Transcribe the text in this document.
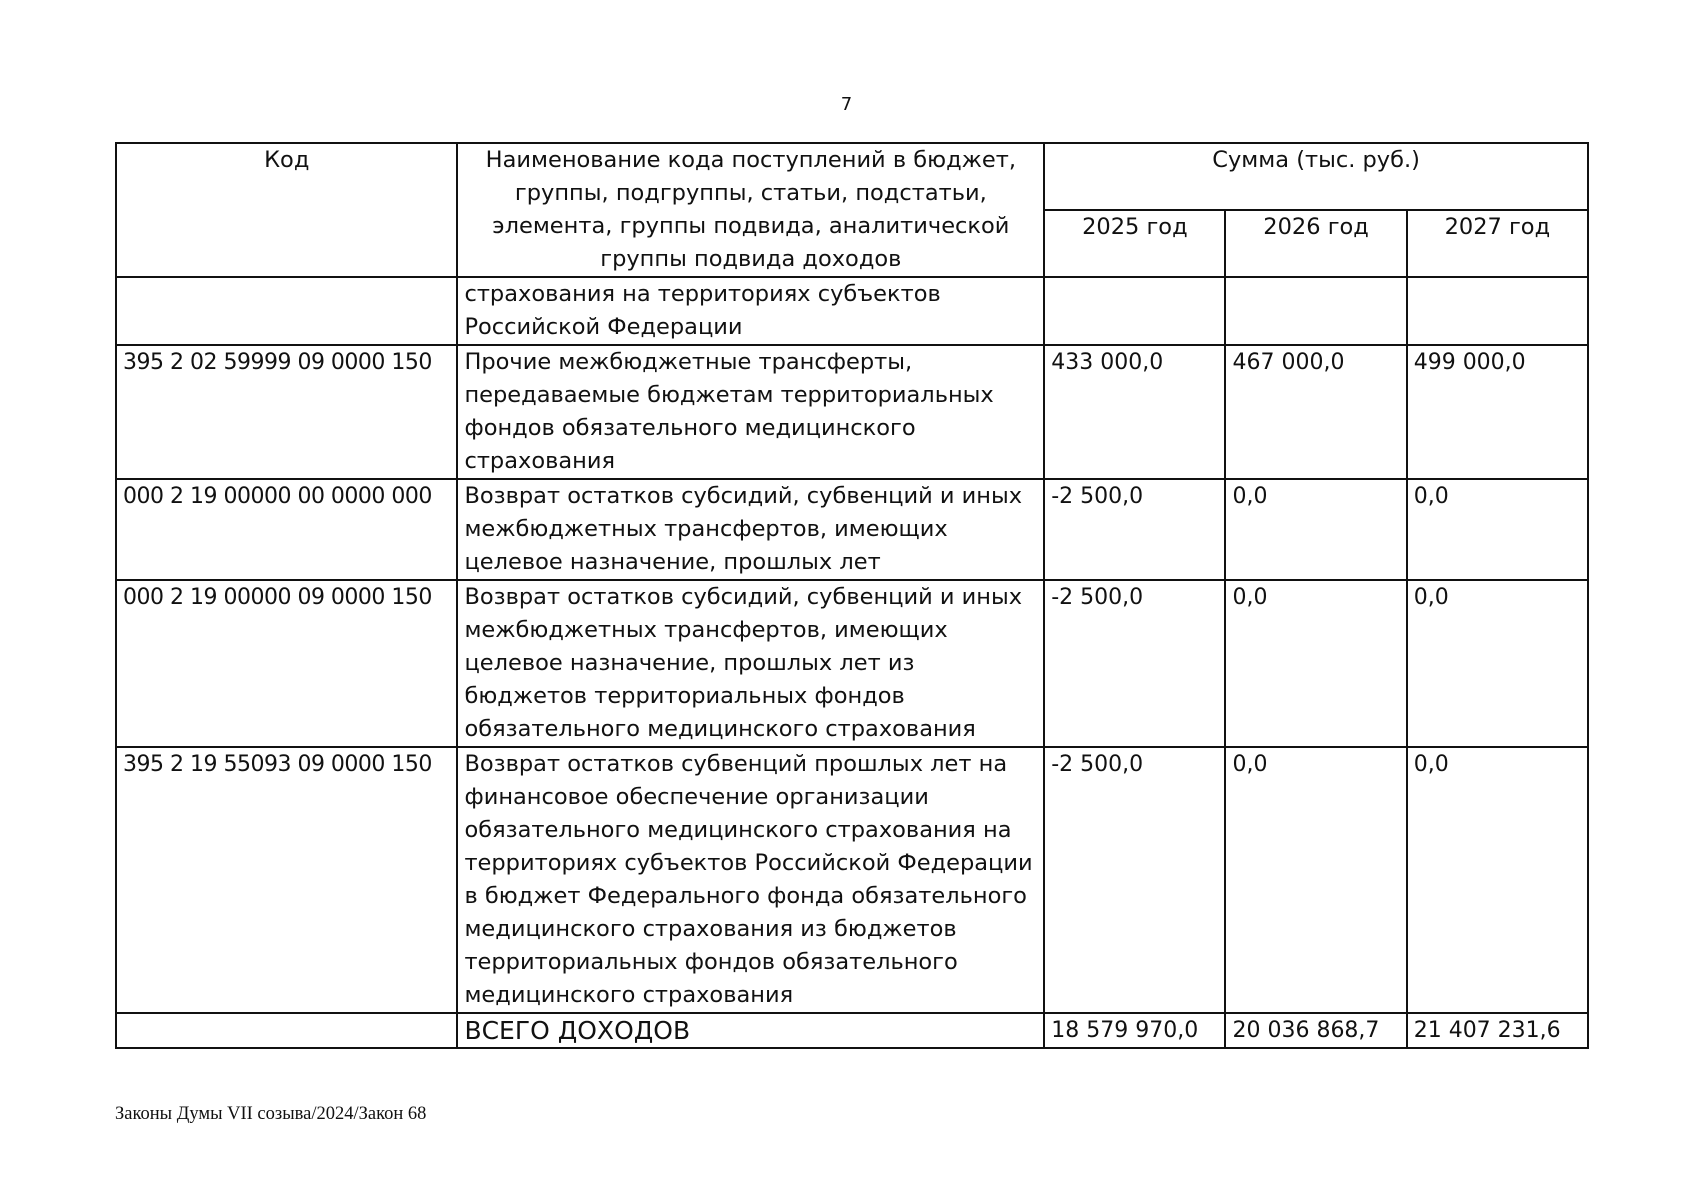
7
Код	Наименование кода поступлений в бюджет, группы, подгруппы, статьи, подстатьи, элемента, группы подвида, аналитической группы подвида доходов	Сумма (тыс. руб.)		
		2025 год	2026 год	2027 год
	страхования на территориях субъектов Российской Федерации			
395 2 02 59999 09 0000 150	Прочие межбюджетные трансферты, передаваемые бюджетам территориальных фондов обязательного медицинского страхования	433 000,0	467 000,0	499 000,0
000 2 19 00000 00 0000 000	Возврат остатков субсидий, субвенций и иных межбюджетных трансфертов, имеющих целевое назначение, прошлых лет	-2 500,0	0,0	0,0
000 2 19 00000 09 0000 150	Возврат остатков субсидий, субвенций и иных межбюджетных трансфертов, имеющих целевое назначение, прошлых лет из бюджетов территориальных фондов обязательного медицинского страхования	-2 500,0	0,0	0,0
395 2 19 55093 09 0000 150	Возврат остатков субвенций прошлых лет на финансовое обеспечение организации обязательного медицинского страхования на территориях субъектов Российской Федерации в бюджет Федерального фонда обязательного медицинского страхования из бюджетов территориальных фондов обязательного медицинского страхования	-2 500,0	0,0	0,0
	ВСЕГО ДОХОДОВ	18 579 970,0	20 036 868,7	21 407 231,6
Законы Думы VII созыва/2024/Закон 68
